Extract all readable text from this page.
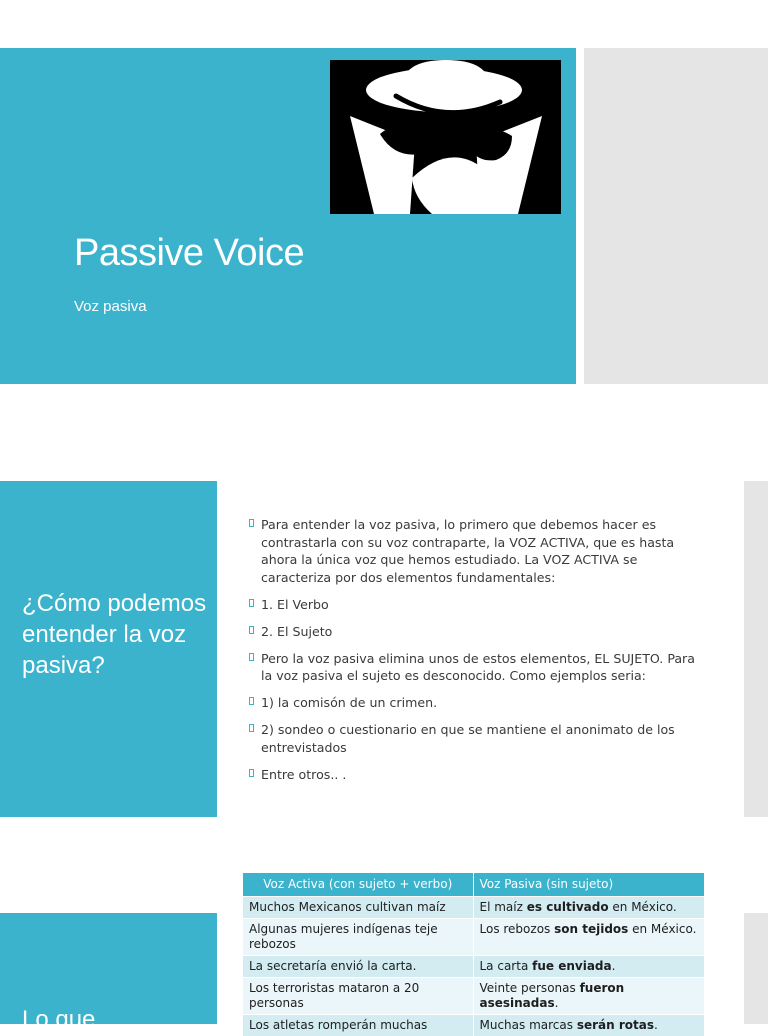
Passive Voice
Voz pasiva
¿Cómo podemos entender la voz pasiva?
Para entender la voz pasiva, lo primero que debemos hacer es contrastarla con su voz contraparte, la VOZ ACTIVA, que es hasta ahora la única voz que hemos estudiado. La VOZ ACTIVA se caracteriza por dos elementos fundamentales:
1. El Verbo
2. El Sujeto
Pero la voz pasiva elimina unos de estos elementos, EL SUJETO. Para la voz pasiva el sujeto es desconocido. Como ejemplos seria:
1) la comisón de un crimen.
2) sondeo o cuestionario en que se mantiene el anonimato de los entrevistados
Entre otros.. .
Lo que
Voz Activa (con sujeto + verbo)	Voz Pasiva (sin sujeto)
Muchos Mexicanos cultivan maíz	El maíz es cultivado en México.
Algunas mujeres indígenas teje rebozos	Los rebozos son tejidos en México.
La secretaría envió la carta.	La carta fue enviada.
Los terroristas mataron a 20 personas	Veinte personas fueron asesinadas.
Los atletas romperán muchas	Muchas marcas serán rotas.
